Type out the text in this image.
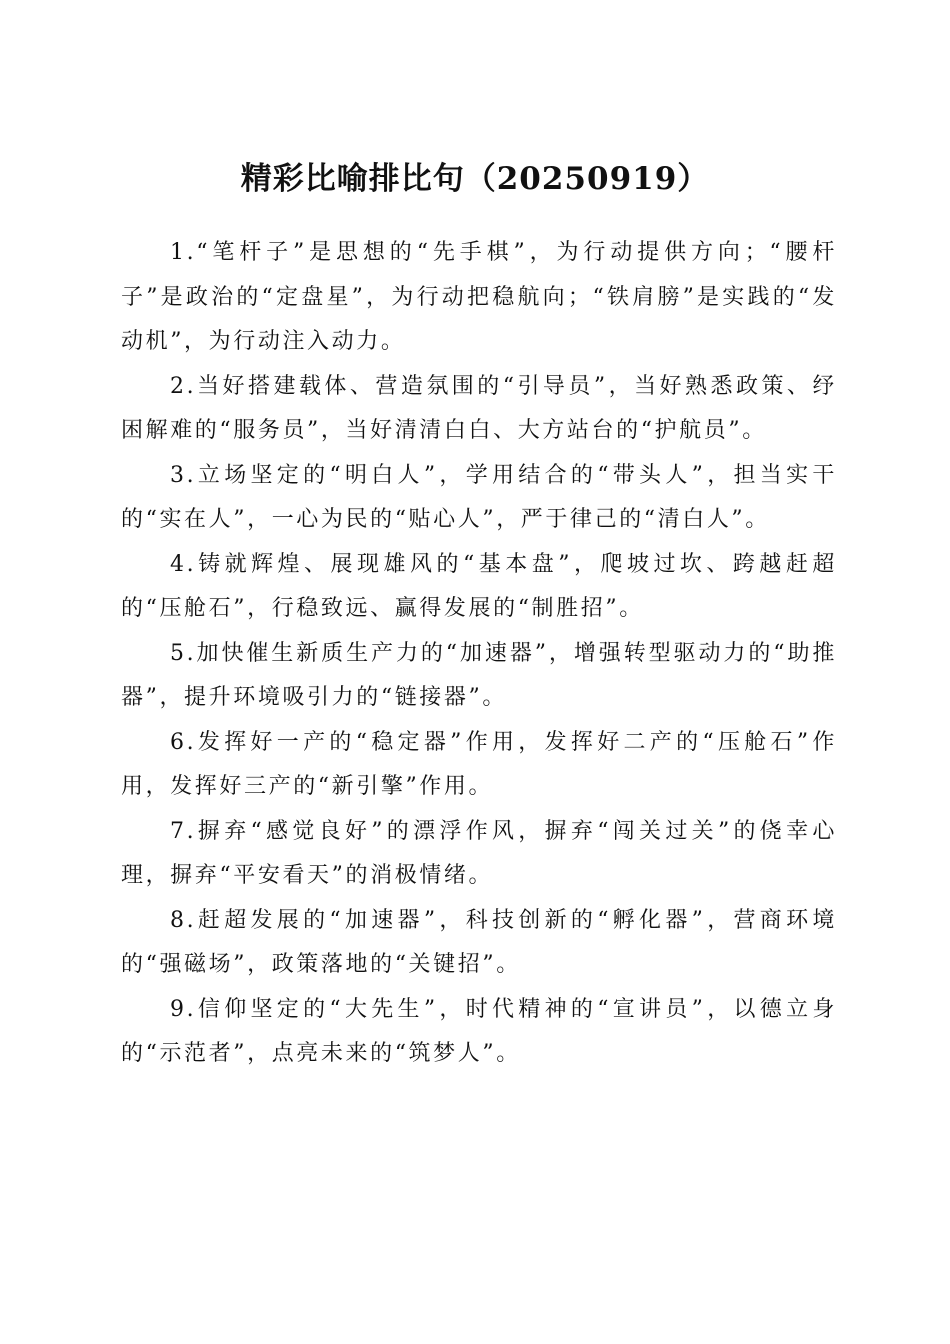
精彩比喻排比句（20250919）

1.“笔杆子”是思想的“先手棋”，为行动提供方向；“腰杆子”是政治的“定盘星”，为行动把稳航向；“铁肩膀”是实践的“发动机”，为行动注入动力。

2.当好搭建载体、营造氛围的“引导员”，当好熟悉政策、纾困解难的“服务员”，当好清清白白、大方站台的“护航员”。

3.立场坚定的“明白人”，学用结合的“带头人”，担当实干的“实在人”，一心为民的“贴心人”，严于律己的“清白人”。

4.铸就辉煌、展现雄风的“基本盘”，爬坡过坎、跨越赶超的“压舱石”，行稳致远、赢得发展的“制胜招”。

5.加快催生新质生产力的“加速器”，增强转型驱动力的“助推器”，提升环境吸引力的“链接器”。

6.发挥好一产的“稳定器”作用，发挥好二产的“压舱石”作用，发挥好三产的“新引擎”作用。

7.摒弃“感觉良好”的漂浮作风，摒弃“闯关过关”的侥幸心理，摒弃“平安看天”的消极情绪。

8.赶超发展的“加速器”，科技创新的“孵化器”，营商环境的“强磁场”，政策落地的“关键招”。

9.信仰坚定的“大先生”，时代精神的“宣讲员”，以德立身的“示范者”，点亮未来的“筑梦人”。
